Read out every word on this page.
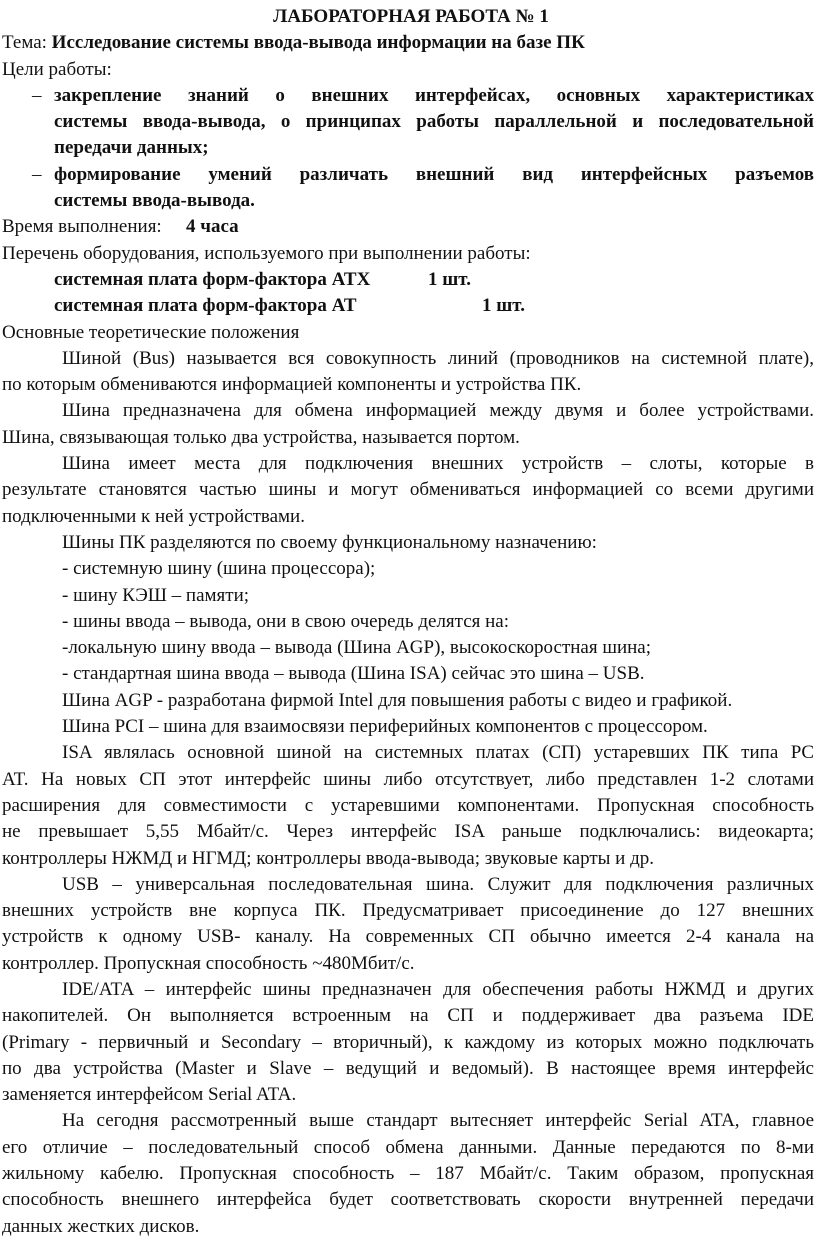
ЛАБОРАТОРНАЯ РАБОТА № 1
Тема: Исследование системы ввода-вывода информации на базе ПК
Цели работы:
– закрепление знаний о внешних интерфейсах, основных характеристиках
системы ввода-вывода, о принципах работы параллельной и последовательной
передачи данных;
– формирование умений различать внешний вид интерфейсных разъемов
системы ввода-вывода.
Время выполнения: 4 часа
Перечень оборудования, используемого при выполнении работы:
системная плата форм-фактора ATX	1 шт.
системная плата форм-фактора AT	1 шт.
Основные теоретические положения
Шиной (Bus) называется вся совокупность линий (проводников на системной плате),
по которым обмениваются информацией компоненты и устройства ПК.
Шина предназначена для обмена информацией между двумя и более устройствами.
Шина, связывающая только два устройства, называется портом.
Шина имеет места для подключения внешних устройств – слоты, которые в
результате становятся частью шины и могут обмениваться информацией со всеми другими
подключенными к ней устройствами.
Шины ПК разделяются по своему функциональному назначению:
- системную шину (шина процессора);
- шину КЭШ – памяти;
- шины ввода – вывода, они в свою очередь делятся на:
-локальную шину ввода – вывода (Шина AGP), высокоскоростная шина;
- стандартная шина ввода – вывода (Шина ISA) сейчас это шина – USB.
Шина AGP - разработана фирмой Intel для повышения работы с видео и графикой.
Шина PCI – шина для взаимосвязи периферийных компонентов с процессором.
ISA являлась основной шиной на системных платах (СП) устаревших ПК типа PC
AT. На новых СП этот интерфейс шины либо отсутствует, либо представлен 1-2 слотами
расширения для совместимости с устаревшими компонентами. Пропускная способность
не превышает 5,55 Мбайт/с. Через интерфейс ISA раньше подключались: видеокарта;
контроллеры НЖМД и НГМД; контроллеры ввода-вывода; звуковые карты и др.
USB – универсальная последовательная шина. Служит для подключения различных
внешних устройств вне корпуса ПК. Предусматривает присоединение до 127 внешних
устройств к одному USB- каналу. На современных СП обычно имеется 2-4 канала на
контроллер. Пропускная способность ~480Мбит/с.
IDE/ATA – интерфейс шины предназначен для обеспечения работы НЖМД и других
накопителей. Он выполняется встроенным на СП и поддерживает два разъема IDE
(Primary - первичный и Secondary – вторичный), к каждому из которых можно подключать
по два устройства (Master и Slave – ведущий и ведомый). В настоящее время интерфейс
заменяется интерфейсом Serial ATA.
На сегодня рассмотренный выше стандарт вытесняет интерфейс Serial ATA, главное
его отличие – последовательный способ обмена данными. Данные передаются по 8-ми
жильному кабелю. Пропускная способность – 187 Мбайт/с. Таким образом, пропускная
способность внешнего интерфейса будет соответствовать скорости внутренней передачи
данных жестких дисков.
